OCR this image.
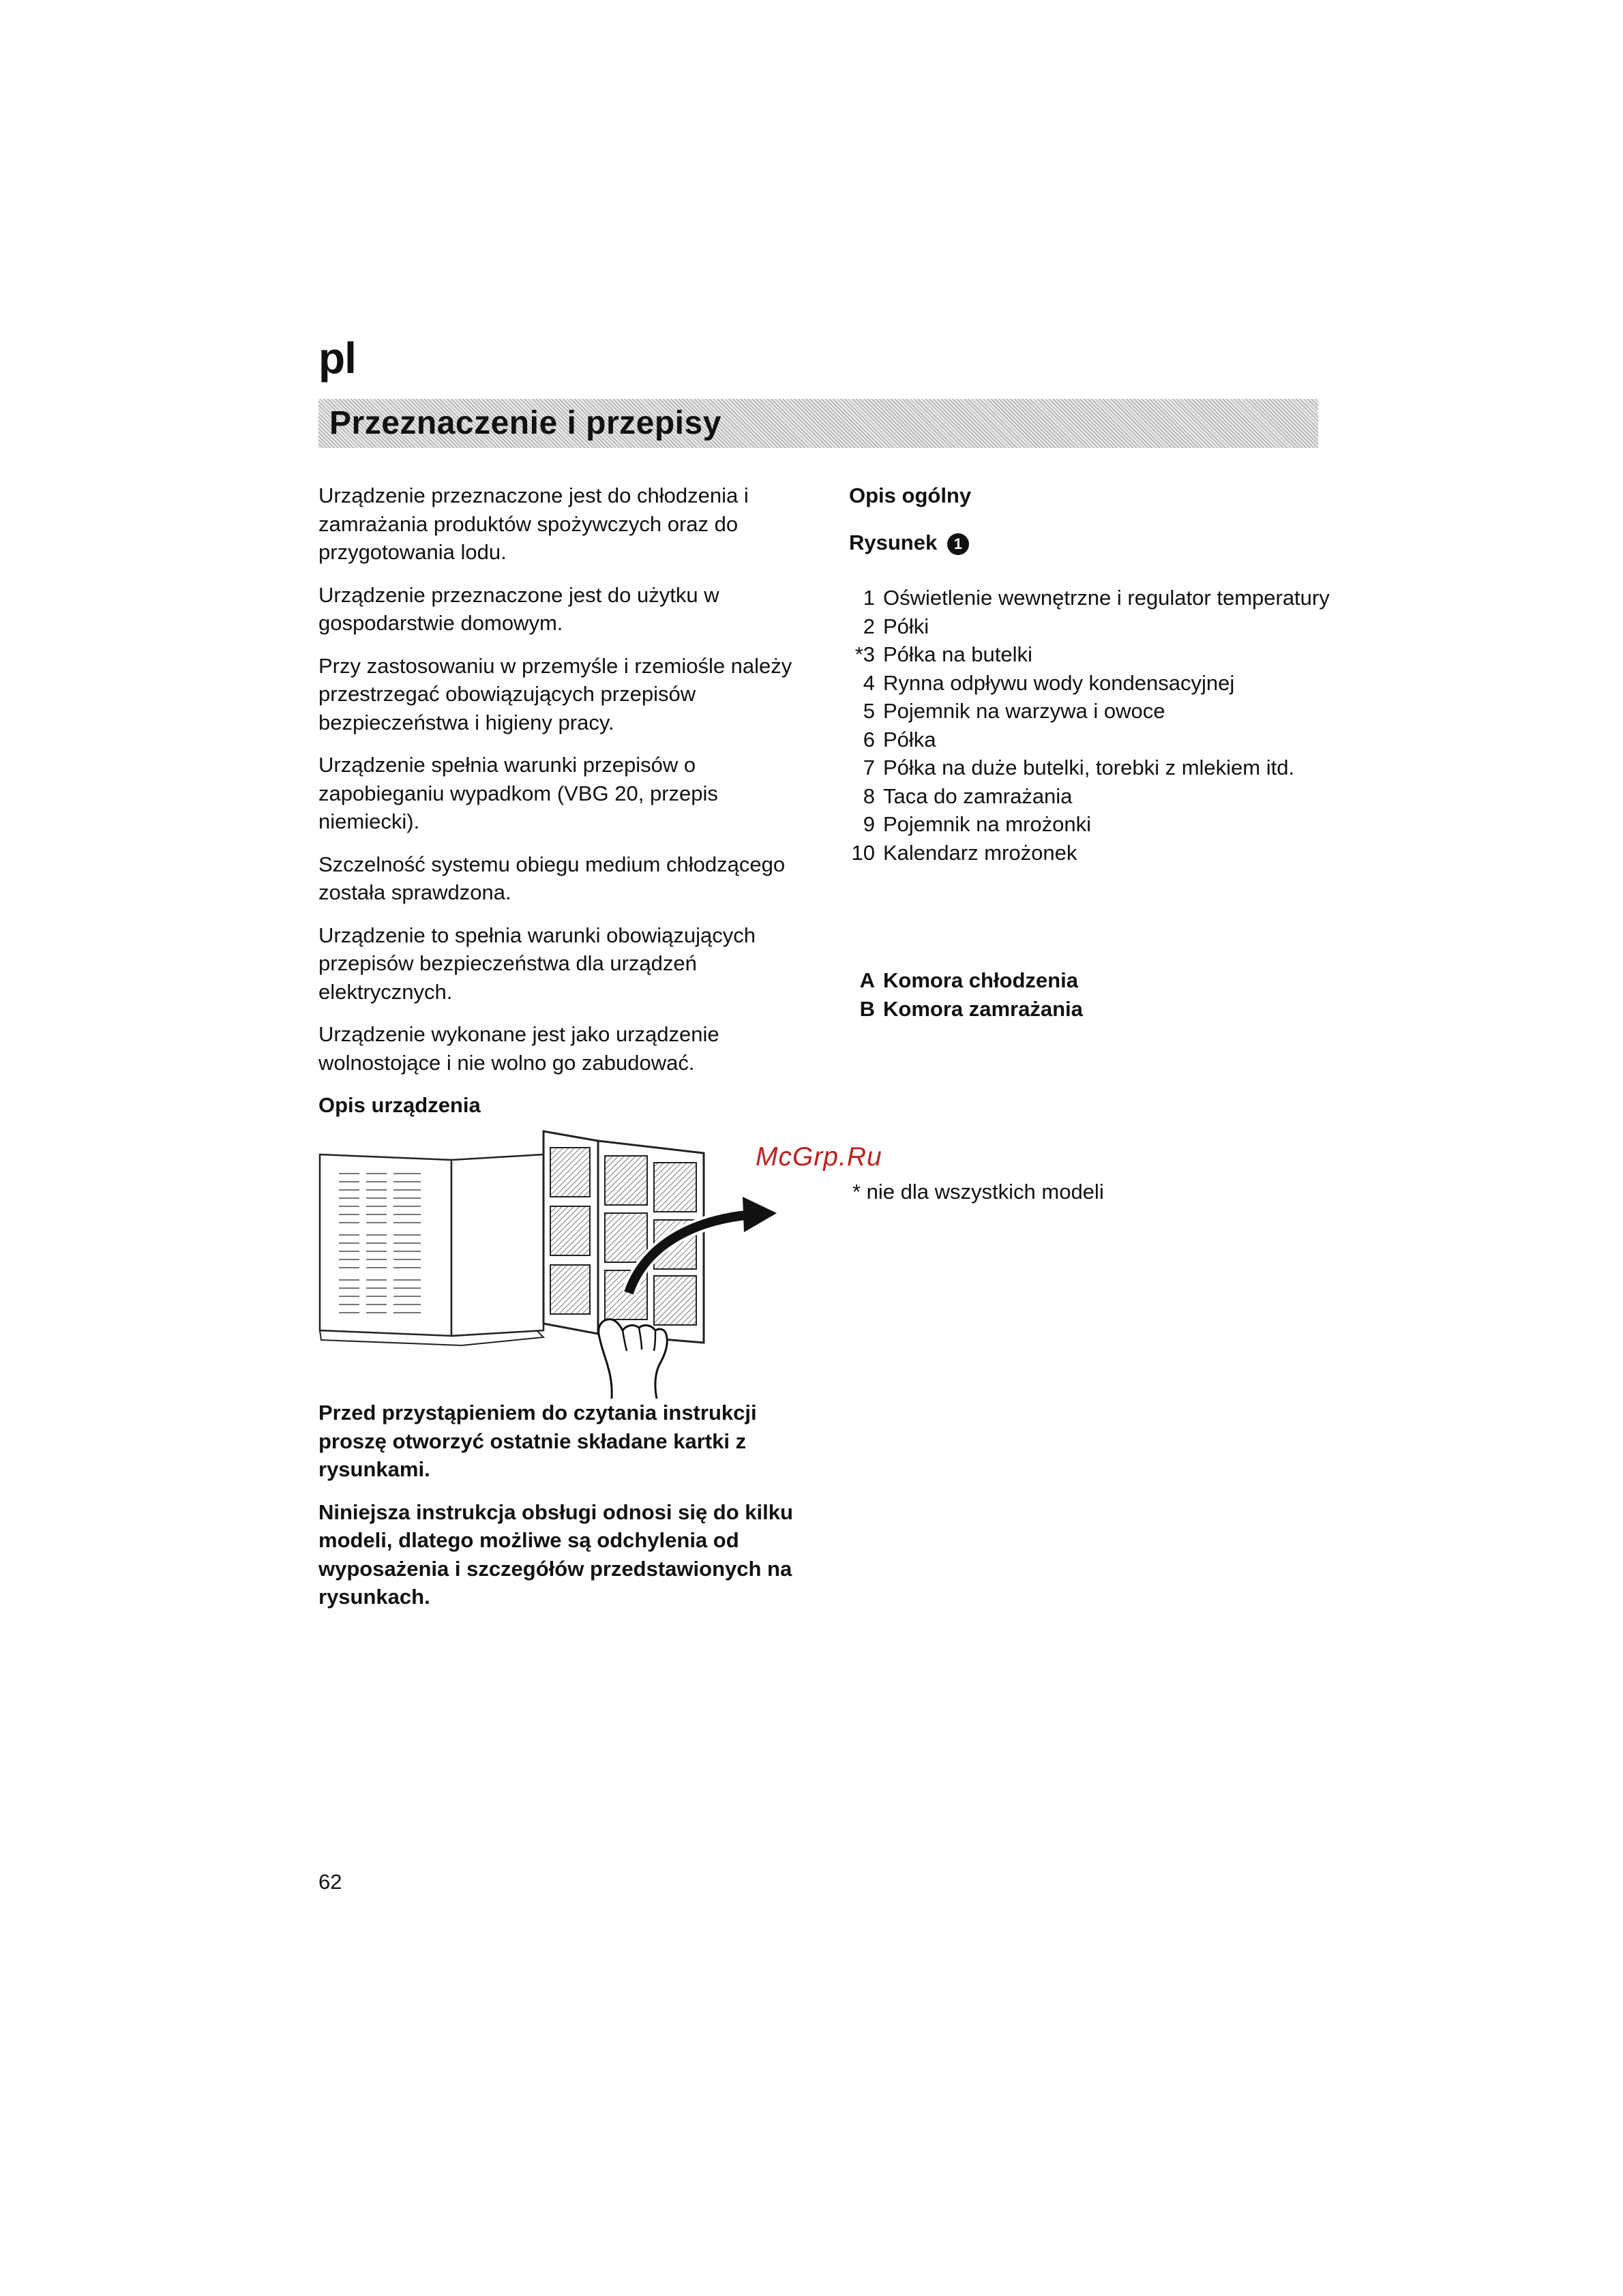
pl
Przeznaczenie i przepisy

Urządzenie przeznaczone jest do chłodzenia i zamrażania produktów spożywczych oraz do przygotowania lodu.

Urządzenie przeznaczone jest do użytku w gospodarstwie domowym.

Przy zastosowaniu w przemyśle i rzemiośle należy przestrzegać obowiązujących przepisów bezpieczeństwa i higieny pracy.

Urządzenie spełnia warunki przepisów o zapobieganiu wypadkom (VBG 20, przepis niemiecki).

Szczelność systemu obiegu medium chłodzącego została sprawdzona.

Urządzenie to spełnia warunki obowiązujących przepisów bezpieczeństwa dla urządzeń elektrycznych.

Urządzenie wykonane jest jako urządzenie wolnostojące i nie wolno go zabudować.

Opis urządzenia

Przed przystąpieniem do czytania instrukcji proszę otworzyć ostatnie składane kartki z rysunkami.

Niniejsza instrukcja obsługi odnosi się do kilku modeli, dlatego możliwe są odchylenia od wyposażenia i szczegółów przedstawionych na rysunkach.

Opis ogólny

Rysunek 1

1 Oświetlenie wewnętrzne i regulator temperatury
2 Półki
*3 Półka na butelki
4 Rynna odpływu wody kondensacyjnej
5 Pojemnik na warzywa i owoce
6 Półka
7 Półka na duże butelki, torebki z mlekiem itd.
8 Taca do zamrażania
9 Pojemnik na mrożonki
10 Kalendarz mrożonek
A Komora chłodzenia
B Komora zamrażania
McGrp.Ru
* nie dla wszystkich modeli
62
